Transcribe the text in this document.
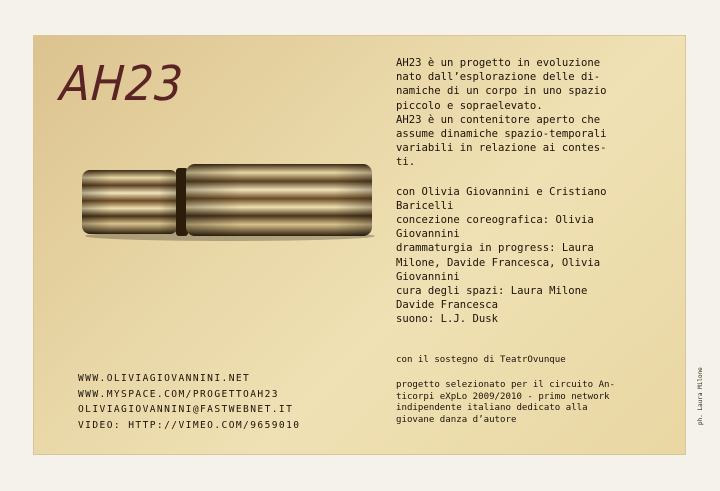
AH23	AH23 è un progetto in evoluzione
nato dall’esplorazione delle di-
namiche di un corpo in uno spazio
piccolo e sopraelevato.

AH23 è un contenitore aperto che
assume dinamiche spazio-temporali
variabili in relazione ai contes-
ti.

con Olivia Giovannini e Cristiano
Baricelli
concezione coreografica: Olivia
Giovannini
drammaturgia in progress: Laura
Milone, Davide Francesca, Olivia
Giovannini
cura degli spazi: Laura Milone
Davide Francesca
suono: L.J. Dusk
WWW.OLIVIAGIOVANNINI.NET
WWW.MYSPACE.COM/PROGETTOAH23
OLIVIAGIOVANNINI@FASTWEBNET.IT
VIDEO: HTTP://VIMEO.COM/9659010

con il sostegno di TeatrOvunque

progetto selezionato per il circuito An-
ticorpi eXpLo 2009/2010 - primo network
indipendente italiano dedicato alla
giovane danza d’autore	ph. Laura Milone
